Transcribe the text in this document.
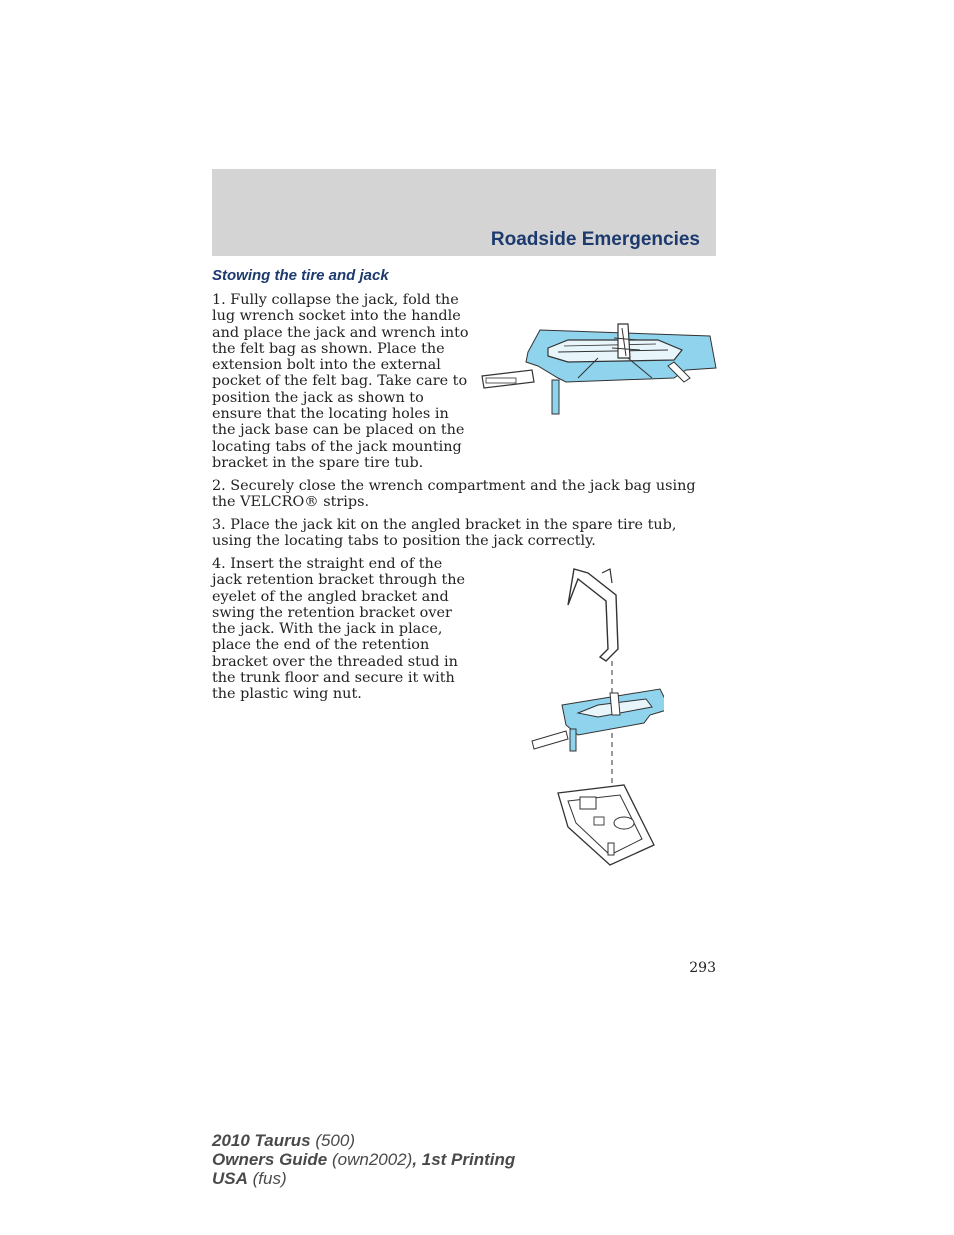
Roadside Emergencies
Stowing the tire and jack

1. Fully collapse the jack, fold the lug wrench socket into the handle and place the jack and wrench into the felt bag as shown. Place the extension bolt into the external pocket of the felt bag. Take care to position the jack as shown to ensure that the locating holes in the jack base can be placed on the locating tabs of the jack mounting bracket in the spare tire tub.

2. Securely close the wrench compartment and the jack bag using the VELCRO® strips.

3. Place the jack kit on the angled bracket in the spare tire tub, using the locating tabs to position the jack correctly.

4. Insert the straight end of the jack retention bracket through the eyelet of the angled bracket and swing the retention bracket over the jack. With the jack in place, place the end of the retention bracket over the threaded stud in the trunk floor and secure it with the plastic wing nut.

293
2010 Taurus (500)
Owners Guide (own2002), 1st Printing
USA (fus)
